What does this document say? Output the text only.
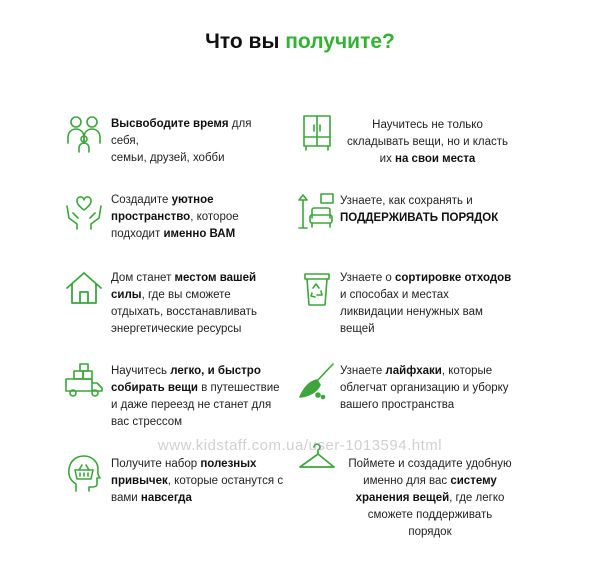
Что вы получите?
Высвободите время для себя,
семьи, друзей, хобби
Создадите уютное
пространство, которое
подходит именно ВАМ
Дом станет местом вашей
силы, где вы сможете
отдыхать, восстанавливать
энергетические ресурсы
Научитесь легко, и быстро
собирать вещи в путешествие
и даже переезд не станет для
вас стрессом
Получите набор полезных
привычек, которые останутся с
вами навсегда
Научитесь не только
складывать вещи, но и класть
их на свои места
Узнаете, как сохранять и
ПОДДЕРЖИВАТЬ ПОРЯДОК
Узнаете о сортировке отходов
и способах и местах
ликвидации ненужных вам
вещей
Узнаете лайфхаки, которые
облегчат организацию и уборку
вашего пространства
Поймете и создадите удобную
именно для вас систему
хранения вещей, где легко
сможете поддерживать
порядок
www.kidstaff.com.ua/user-1013594.html
